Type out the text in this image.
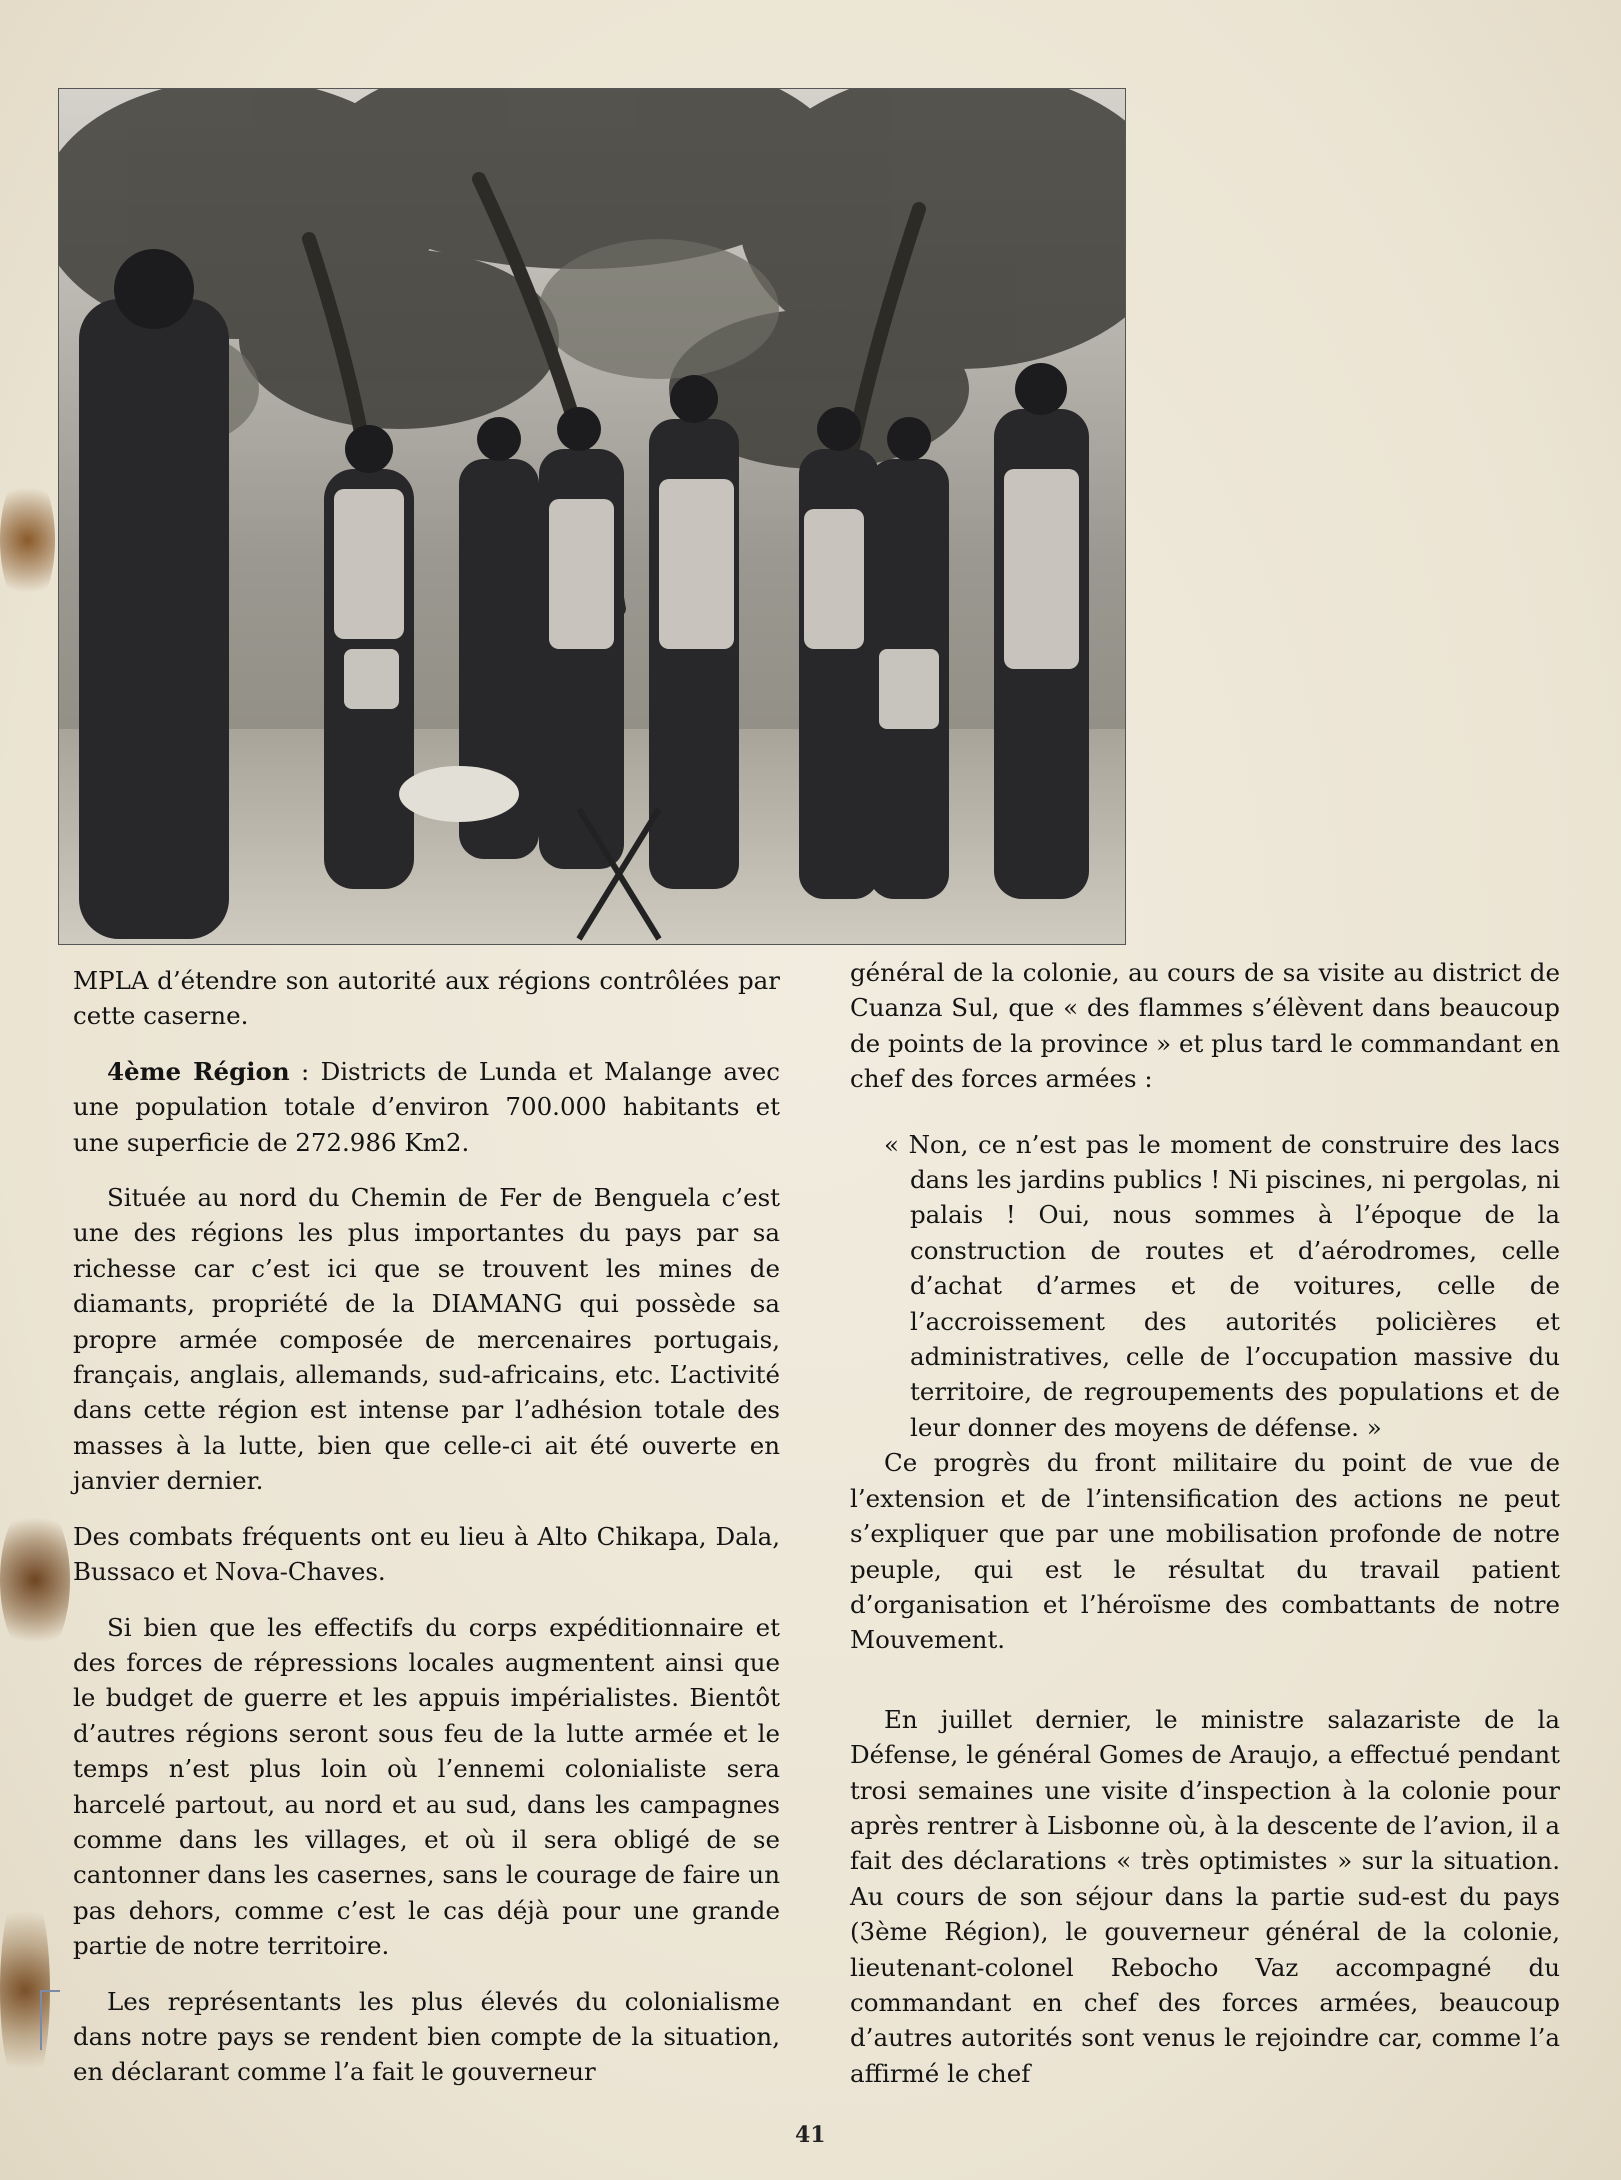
MPLA d’étendre son autorité aux régions contrôlées par cette caserne.

4ème Région : Districts de Lunda et Malange avec une population totale d’environ 700.000 habitants et une superficie de 272.986 Km2.

Située au nord du Chemin de Fer de Benguela c’est une des régions les plus importantes du pays par sa richesse car c’est ici que se trouvent les mines de diamants, propriété de la DIAMANG qui possède sa propre armée composée de mercenaires portugais, français, anglais, allemands, sud-africains, etc. L’activité dans cette région est intense par l’adhésion totale des masses à la lutte, bien que celle-ci ait été ouverte en janvier dernier.

Des combats fréquents ont eu lieu à Alto Chikapa, Dala, Bussaco et Nova-Chaves.

Si bien que les effectifs du corps expéditionnaire et des forces de répressions locales augmentent ainsi que le budget de guerre et les appuis impérialistes. Bientôt d’autres régions seront sous feu de la lutte armée et le temps n’est plus loin où l’ennemi colonialiste sera harcelé partout, au nord et au sud, dans les campagnes comme dans les villages, et où il sera obligé de se cantonner dans les casernes, sans le courage de faire un pas dehors, comme c’est le cas déjà pour une grande partie de notre territoire.

Les représentants les plus élevés du colonialisme dans notre pays se rendent bien compte de la situation, en déclarant comme l’a fait le gouverneur

général de la colonie, au cours de sa visite au district de Cuanza Sul, que « des flammes s’élèvent dans beaucoup de points de la province » et plus tard le commandant en chef des forces armées :

« Non, ce n’est pas le moment de construire des lacs dans les jardins publics ! Ni piscines, ni pergolas, ni palais ! Oui, nous sommes à l’époque de la construction de routes et d’aérodromes, celle d’achat d’armes et de voitures, celle de l’accroissement des autorités policières et administratives, celle de l’occupation massive du territoire, de regroupements des populations et de leur donner des moyens de défense. »

Ce progrès du front militaire du point de vue de l’extension et de l’intensification des actions ne peut s’expliquer que par une mobilisation profonde de notre peuple, qui est le résultat du travail patient d’organisation et l’héroïsme des combattants de notre Mouvement.

En juillet dernier, le ministre salazariste de la Défense, le général Gomes de Araujo, a effectué pendant trosi semaines une visite d’inspection à la colonie pour après rentrer à Lisbonne où, à la descente de l’avion, il a fait des déclarations « très optimistes » sur la situation. Au cours de son séjour dans la partie sud-est du pays (3ème Région), le gouverneur général de la colonie, lieutenant-colonel Rebocho Vaz accompagné du commandant en chef des forces armées, beaucoup d’autres autorités sont venus le rejoindre car, comme l’a affirmé le chef

41
